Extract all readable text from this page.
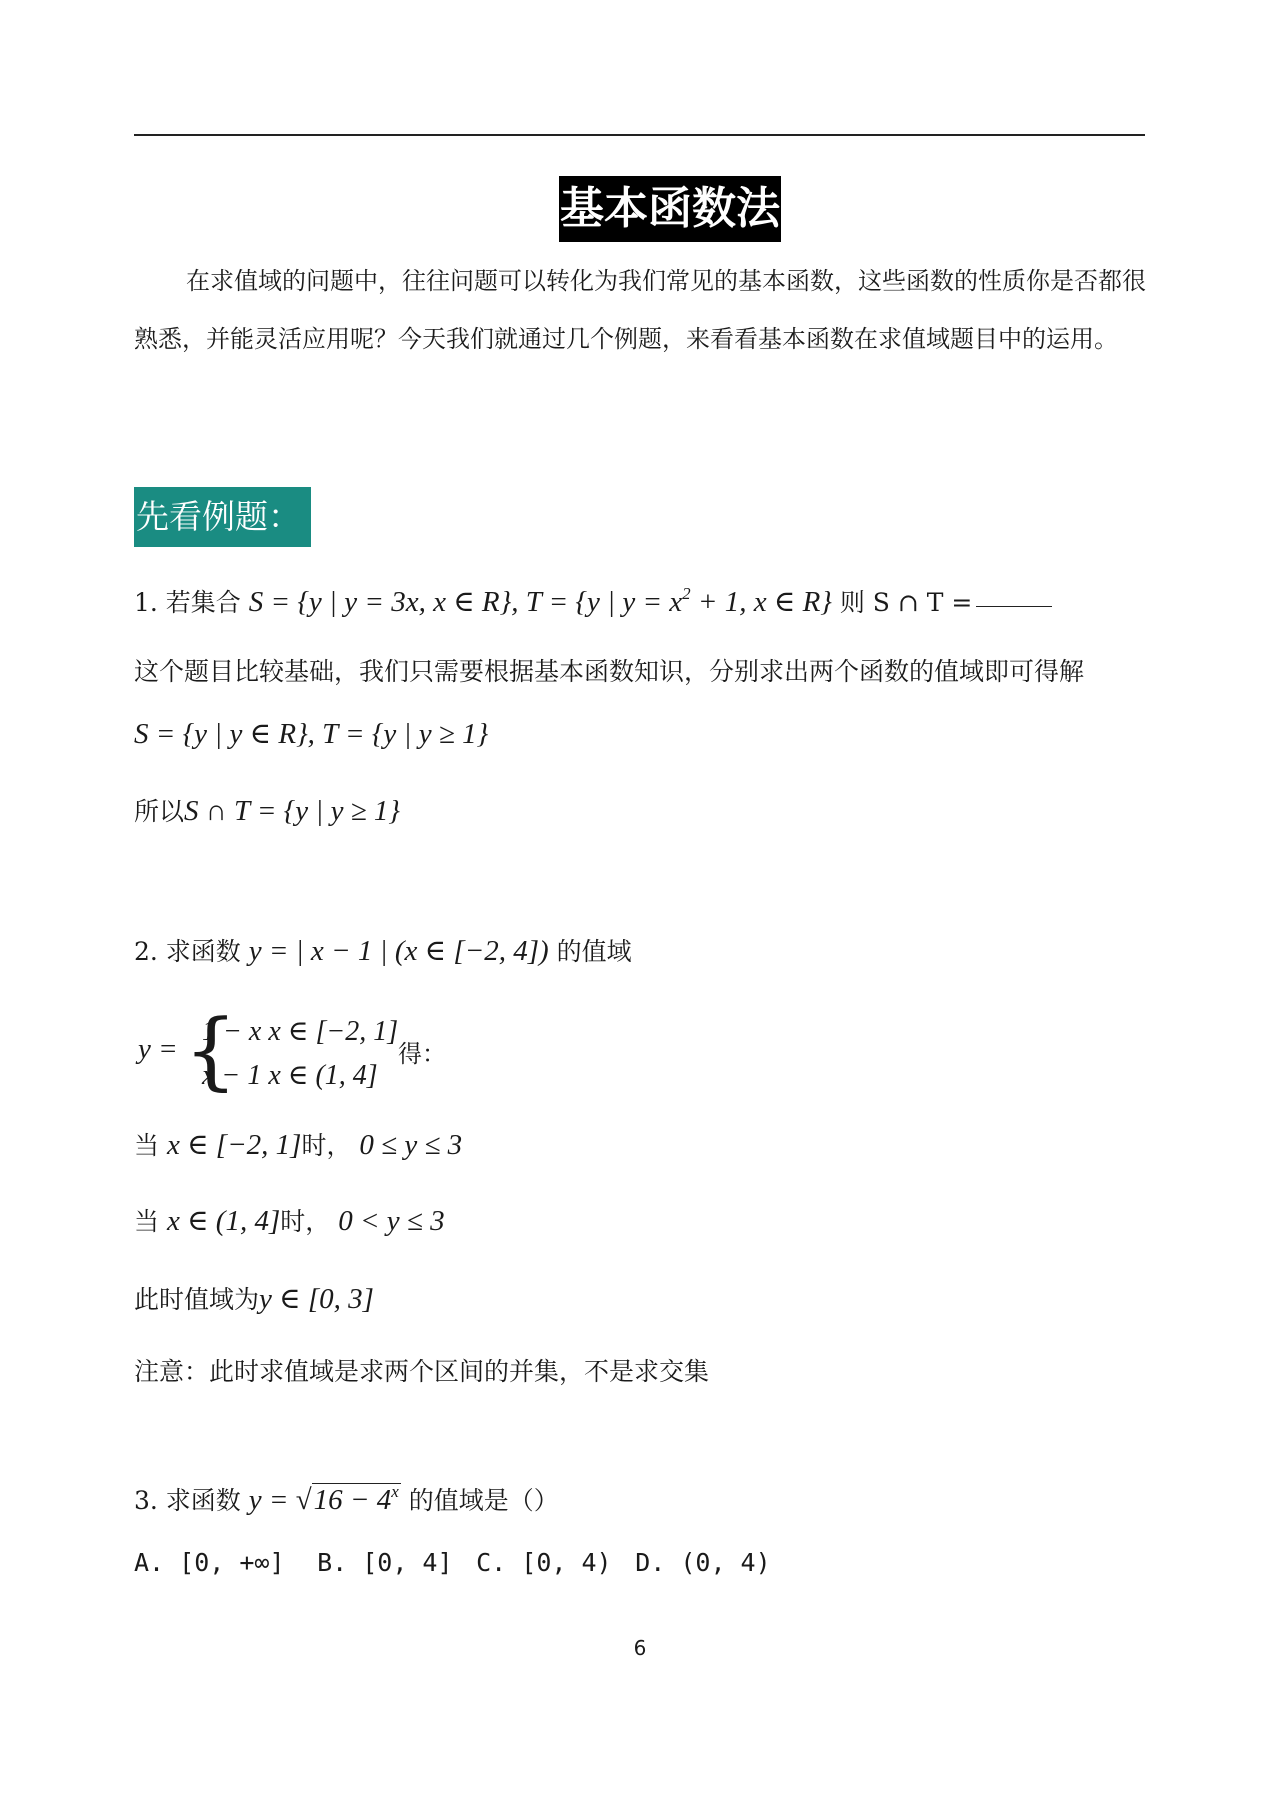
基本函数法
在求值域的问题中，往往问题可以转化为我们常见的基本函数，这些函数的性质你是否都很熟悉，并能灵活应用呢？今天我们就通过几个例题，来看看基本函数在求值域题目中的运用。
先看例题：
1. 若集合 S = {y | y = 3x, x ∈ R}, T = {y | $y = x^2 + 1$, x ∈ R} 则 S ∩ T =
这个题目比较基础，我们只需要根据基本函数知识，分别求出两个函数的值域即可得解
S = {y | y ∈ R}, T = {y | y ≥ 1}
所以S ∩ T = {y | y ≥ 1}
2. 求函数 y = | x − 1 | (x ∈ [−2, 4]) 的值域
y = {
1 − x x ∈ [−2, 1]
x − 1 x ∈ (1, 4]
得：
当 x ∈ [−2, 1]时， 0 ≤ y ≤ 3
当 x ∈ (1, 4]时， 0 < y ≤ 3
此时值域为y ∈ [0, 3]
注意：此时求值域是求两个区间的并集，不是求交集
3. 求函数 $y = √16 - 4^x$ 的值域是（）
A. [0, +∞] B. [0, 4] C. [0, 4) D. (0, 4)
6
